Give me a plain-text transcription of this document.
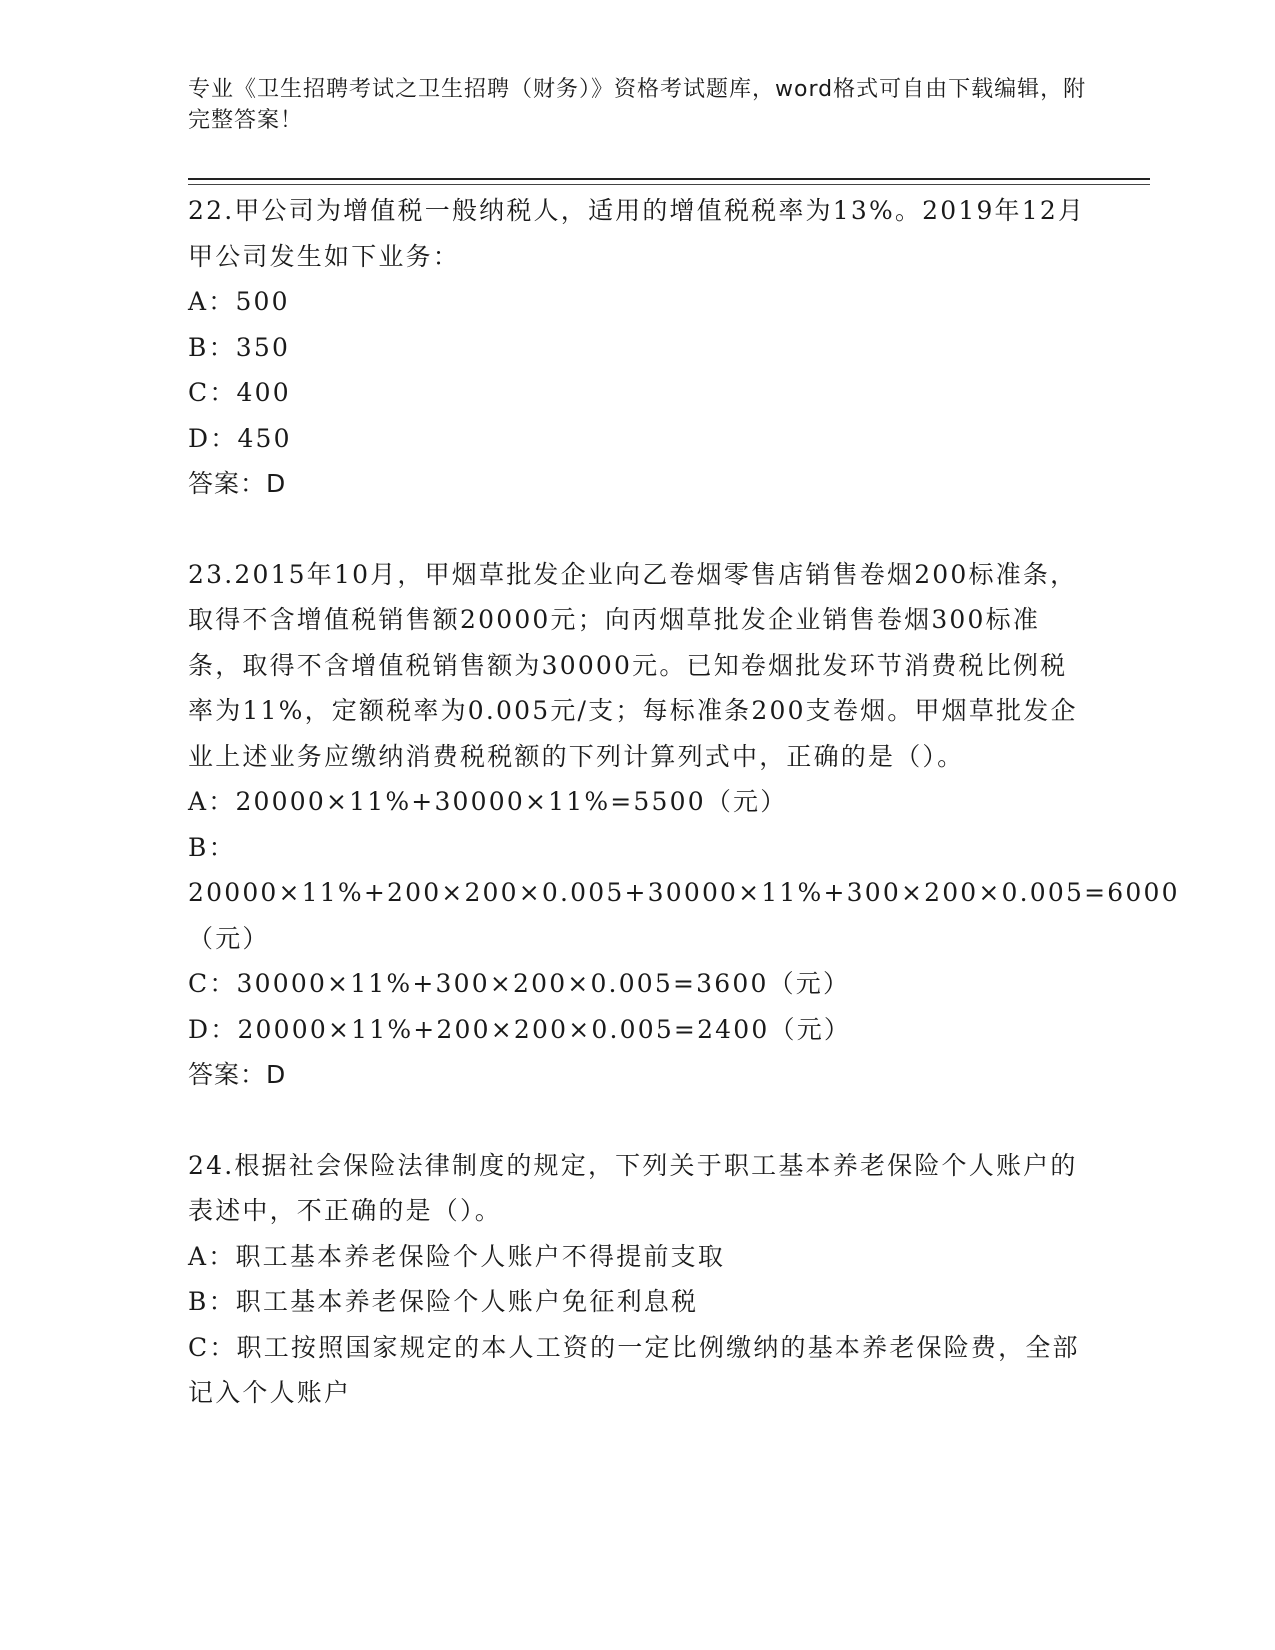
专业《卫生招聘考试之卫生招聘（财务）》资格考试题库，word格式可自由下载编辑，附完整答案！
22.甲公司为增值税一般纳税人，适用的增值税税率为13%。2019年12月甲公司发生如下业务：
A：500
B：350
C：400
D：450
答案：D
23.2015年10月，甲烟草批发企业向乙卷烟零售店销售卷烟200标准条，取得不含增值税销售额20000元；向丙烟草批发企业销售卷烟300标准条，取得不含增值税销售额为30000元。已知卷烟批发环节消费税比例税率为11%，定额税率为0.005元/支；每标准条200支卷烟。甲烟草批发企业上述业务应缴纳消费税税额的下列计算列式中，正确的是（）。
A：20000×11%+30000×11%=5500（元）
B：20000×11%+200×200×0.005+30000×11%+300×200×0.005=6000（元）
C：30000×11%+300×200×0.005=3600（元）
D：20000×11%+200×200×0.005=2400（元）
答案：D
24.根据社会保险法律制度的规定，下列关于职工基本养老保险个人账户的表述中，不正确的是（）。
A：职工基本养老保险个人账户不得提前支取
B：职工基本养老保险个人账户免征利息税
C：职工按照国家规定的本人工资的一定比例缴纳的基本养老保险费，全部记入个人账户
